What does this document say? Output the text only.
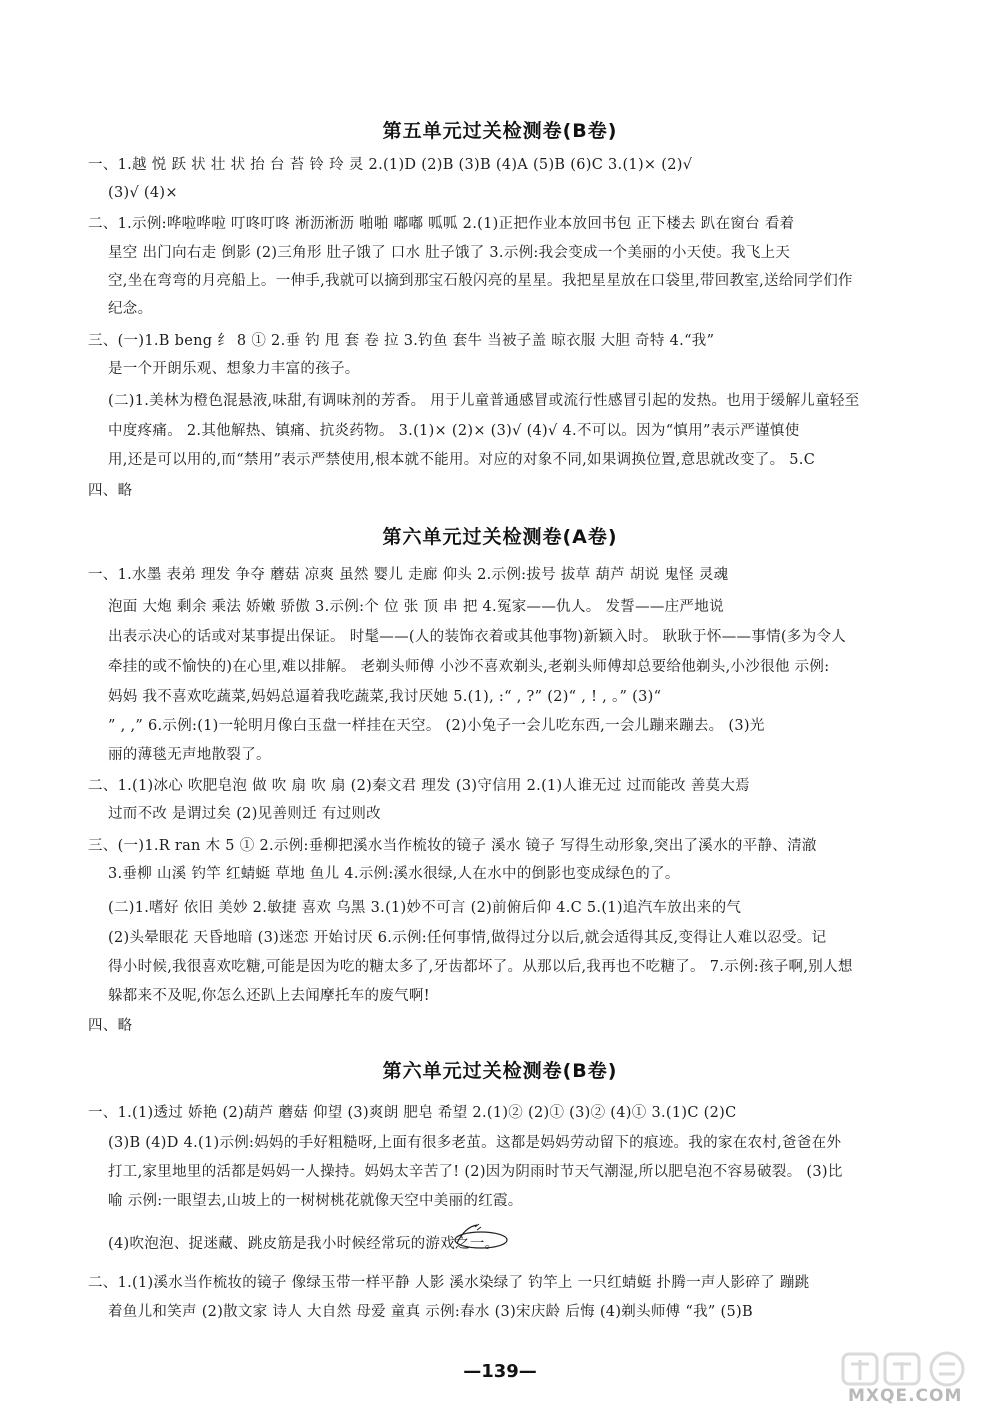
第五单元过关检测卷(B卷)
一、1.越 悦 跃 状 壮 状 抬 台 苔 铃 玲 灵 2.(1)D (2)B (3)B (4)A (5)B (6)C 3.(1)× (2)√
(3)√ (4)×
二、1.示例:哗啦哗啦 叮咚叮咚 淅沥淅沥 啪啪 嘟嘟 呱呱 2.(1)正把作业本放回书包 正下楼去 趴在窗台 看着
星空 出门向右走 倒影 (2)三角形 肚子饿了 口水 肚子饿了 3.示例:我会变成一个美丽的小天使。我飞上天
空,坐在弯弯的月亮船上。一伸手,我就可以摘到那宝石般闪亮的星星。我把星星放在口袋里,带回教室,送给同学们作
纪念。
三、(一)1.B beng 纟 8 ① 2.垂 钓 甩 套 卷 拉 3.钓鱼 套牛 当被子盖 晾衣服 大胆 奇特 4.“我”
是一个开朗乐观、想象力丰富的孩子。
(二)1.美林为橙色混悬液,味甜,有调味剂的芳香。 用于儿童普通感冒或流行性感冒引起的发热。也用于缓解儿童轻至
中度疼痛。 2.其他解热、镇痛、抗炎药物。 3.(1)× (2)× (3)√ (4)√ 4.不可以。因为“慎用”表示严谨慎使
用,还是可以用的,而“禁用”表示严禁使用,根本就不能用。对应的对象不同,如果调换位置,意思就改变了。 5.C
四、略
第六单元过关检测卷(A卷)
一、1.水墨 表弟 理发 争夺 蘑菇 凉爽 虽然 婴儿 走廊 仰头 2.示例:拔号 拔草 葫芦 胡说 鬼怪 灵魂
泡面 大炮 剩余 乘法 娇嫩 骄傲 3.示例:个 位 张 顶 串 把 4.冤家——仇人。 发誓——庄严地说
出表示决心的话或对某事提出保证。 时髦——(人的装饰衣着或其他事物)新颖入时。 耿耿于怀——事情(多为令人
牵挂的或不愉快的)在心里,难以排解。 老剃头师傅 小沙不喜欢剃头,老剃头师傅却总要给他剃头,小沙很他 示例:
妈妈 我不喜欢吃蔬菜,妈妈总逼着我吃蔬菜,我讨厌她 5.(1), :“ , ?” (2)“ , ! , 。” (3)“
” , ,” 6.示例:(1)一轮明月像白玉盘一样挂在天空。 (2)小兔子一会儿吃东西,一会儿蹦来蹦去。 (3)光
丽的薄毯无声地散裂了。
二、1.(1)冰心 吹肥皂泡 做 吹 扇 吹 扇 (2)秦文君 理发 (3)守信用 2.(1)人谁无过 过而能改 善莫大焉
过而不改 是谓过矣 (2)见善则迁 有过则改
三、(一)1.R ran 木 5 ① 2.示例:垂柳把溪水当作梳妆的镜子 溪水 镜子 写得生动形象,突出了溪水的平静、清澈
3.垂柳 山溪 钓竿 红蜻蜓 草地 鱼儿 4.示例:溪水很绿,人在水中的倒影也变成绿色的了。
(二)1.嗜好 依旧 美妙 2.敏捷 喜欢 乌黑 3.(1)妙不可言 (2)前俯后仰 4.C 5.(1)追汽车放出来的气
(2)头晕眼花 天昏地暗 (3)迷恋 开始讨厌 6.示例:任何事情,做得过分以后,就会适得其反,变得让人难以忍受。记
得小时候,我很喜欢吃糖,可能是因为吃的糖太多了,牙齿都坏了。从那以后,我再也不吃糖了。 7.示例:孩子啊,别人想
躲都来不及呢,你怎么还趴上去闻摩托车的废气啊!
四、略
第六单元过关检测卷(B卷)
一、1.(1)透过 娇艳 (2)葫芦 蘑菇 仰望 (3)爽朗 肥皂 希望 2.(1)② (2)① (3)② (4)① 3.(1)C (2)C
(3)B (4)D 4.(1)示例:妈妈的手好粗糙呀,上面有很多老茧。这都是妈妈劳动留下的痕迹。我的家在农村,爸爸在外
打工,家里地里的活都是妈妈一人操持。妈妈太辛苦了! (2)因为阴雨时节天气潮湿,所以肥皂泡不容易破裂。 (3)比
喻 示例:一眼望去,山坡上的一树树桃花就像天空中美丽的红霞。
(4)吹泡泡、捉迷藏、跳皮筋是我小时候经常玩的游戏之一。
二、1.(1)溪水当作梳妆的镜子 像绿玉带一样平静 人影 溪水染绿了 钓竿上 一只红蜻蜓 扑腾一声人影碎了 蹦跳
着鱼儿和笑声 (2)散文家 诗人 大自然 母爱 童真 示例:春水 (3)宋庆龄 后悔 (4)剃头师傅 “我” (5)B
—139—
MXQE.COM
